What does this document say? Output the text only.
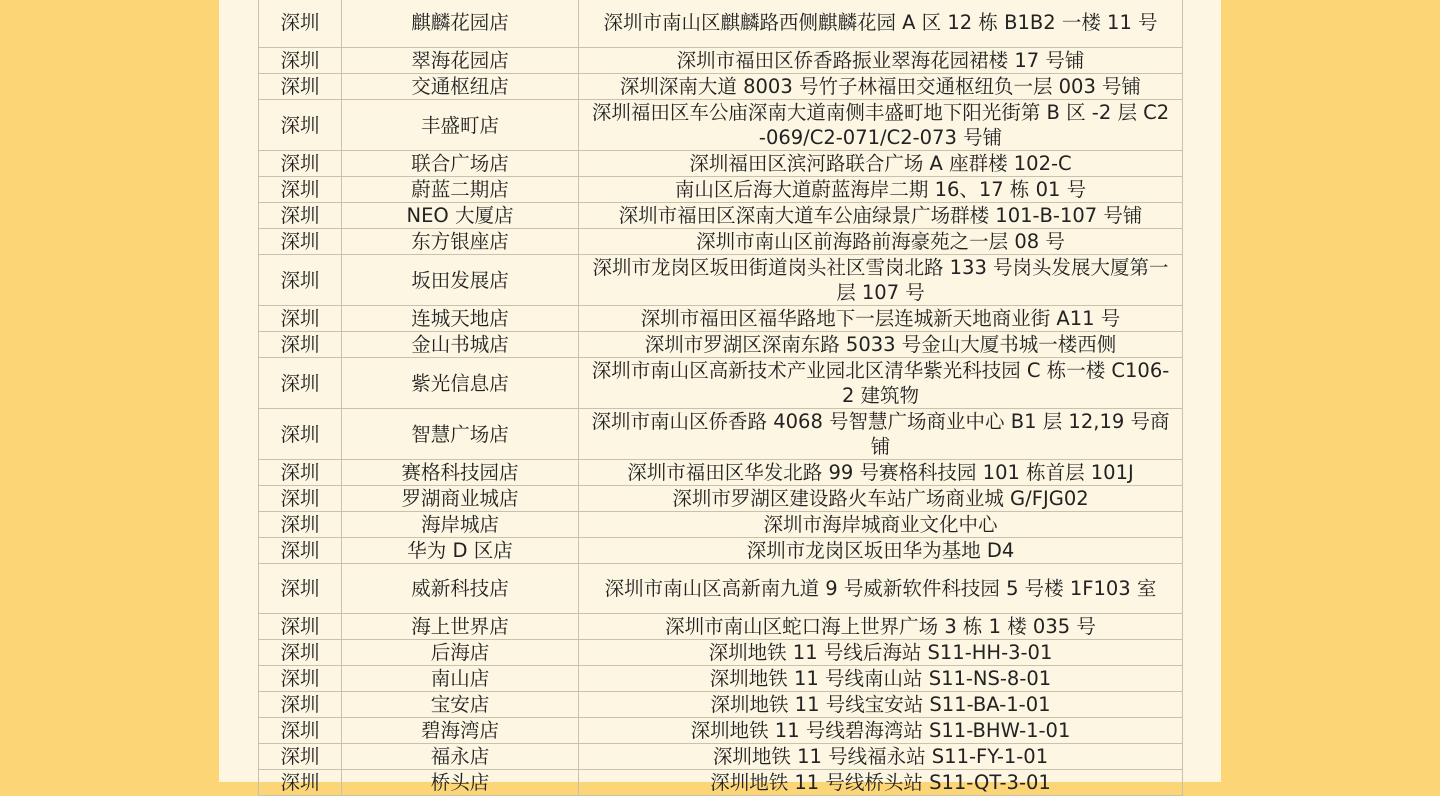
深圳	麒麟花园店	深圳市南山区麒麟路西侧麒麟花园 A 区 12 栋 B1B2 一楼 11 号
深圳	翠海花园店	深圳市福田区侨香路振业翠海花园裙楼 17 号铺
深圳	交通枢纽店	深圳深南大道 8003 号竹子林福田交通枢纽负一层 003 号铺
深圳	丰盛町店	深圳福田区车公庙深南大道南侧丰盛町地下阳光街第 B 区 -2 层 C2-069/C2-071/C2-073 号铺
深圳	联合广场店	深圳福田区滨河路联合广场 A 座群楼 102-C
深圳	蔚蓝二期店	南山区后海大道蔚蓝海岸二期 16、17 栋 01 号
深圳	NEO 大厦店	深圳市福田区深南大道车公庙绿景广场群楼 101-B-107 号铺
深圳	东方银座店	深圳市南山区前海路前海豪苑之一层 08 号
深圳	坂田发展店	深圳市龙岗区坂田街道岗头社区雪岗北路 133 号岗头发展大厦第一层 107 号
深圳	连城天地店	深圳市福田区福华路地下一层连城新天地商业街 A11 号
深圳	金山书城店	深圳市罗湖区深南东路 5033 号金山大厦书城一楼西侧
深圳	紫光信息店	深圳市南山区高新技术产业园北区清华紫光科技园 C 栋一楼 C106-2 建筑物
深圳	智慧广场店	深圳市南山区侨香路 4068 号智慧广场商业中心 B1 层 12,19 号商铺
深圳	赛格科技园店	深圳市福田区华发北路 99 号赛格科技园 101 栋首层 101J
深圳	罗湖商业城店	深圳市罗湖区建设路火车站广场商业城 G/FJG02
深圳	海岸城店	深圳市海岸城商业文化中心
深圳	华为 D 区店	深圳市龙岗区坂田华为基地 D4
深圳	威新科技店	深圳市南山区高新南九道 9 号威新软件科技园 5 号楼 1F103 室
深圳	海上世界店	深圳市南山区蛇口海上世界广场 3 栋 1 楼 035 号
深圳	后海店	深圳地铁 11 号线后海站 S11-HH-3-01
深圳	南山店	深圳地铁 11 号线南山站 S11-NS-8-01
深圳	宝安店	深圳地铁 11 号线宝安站 S11-BA-1-01
深圳	碧海湾店	深圳地铁 11 号线碧海湾站 S11-BHW-1-01
深圳	福永店	深圳地铁 11 号线福永站 S11-FY-1-01
深圳	桥头店	深圳地铁 11 号线桥头站 S11-QT-3-01
